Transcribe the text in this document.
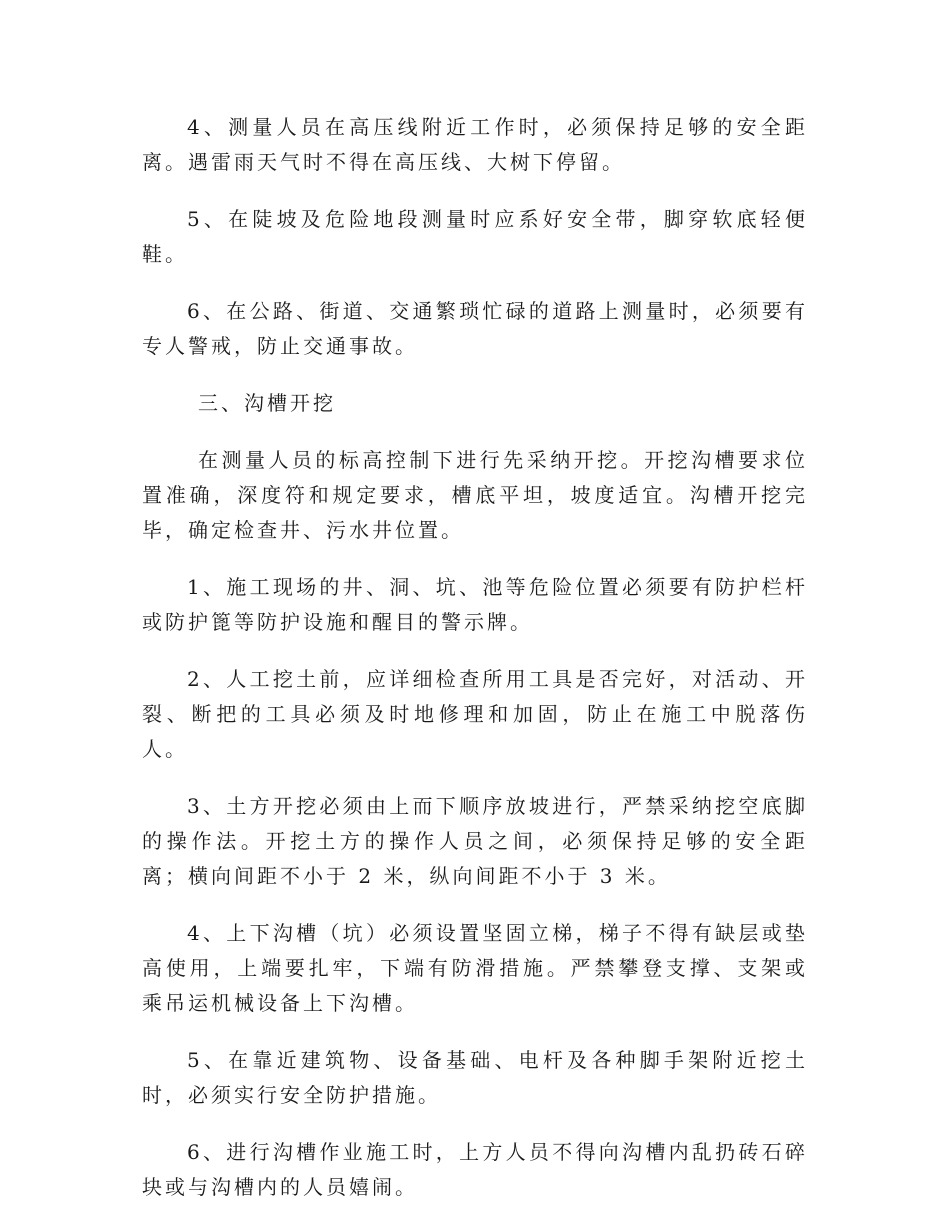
4、测量人员在高压线附近工作时，必须保持足够的安全距离。遇雷雨天气时不得在高压线、大树下停留。

5、在陡坡及危险地段测量时应系好安全带，脚穿软底轻便鞋。

6、在公路、街道、交通繁琐忙碌的道路上测量时，必须要有专人警戒，防止交通事故。

三、沟槽开挖

在测量人员的标高控制下进行先采纳开挖。开挖沟槽要求位置准确，深度符和规定要求，槽底平坦，坡度适宜。沟槽开挖完毕，确定检查井、污水井位置。

1、施工现场的井、洞、坑、池等危险位置必须要有防护栏杆或防护篦等防护设施和醒目的警示牌。

2、人工挖土前，应详细检查所用工具是否完好，对活动、开裂、断把的工具必须及时地修理和加固，防止在施工中脱落伤人。

3、土方开挖必须由上而下顺序放坡进行，严禁采纳挖空底脚的操作法。开挖土方的操作人员之间，必须保持足够的安全距离；横向间距不小于 2 米，纵向间距不小于 3 米。

4、上下沟槽（坑）必须设置坚固立梯，梯子不得有缺层或垫高使用，上端要扎牢，下端有防滑措施。严禁攀登支撑、支架或乘吊运机械设备上下沟槽。

5、在靠近建筑物、设备基础、电杆及各种脚手架附近挖土时，必须实行安全防护措施。

6、进行沟槽作业施工时，上方人员不得向沟槽内乱扔砖石碎块或与沟槽内的人员嬉闹。
